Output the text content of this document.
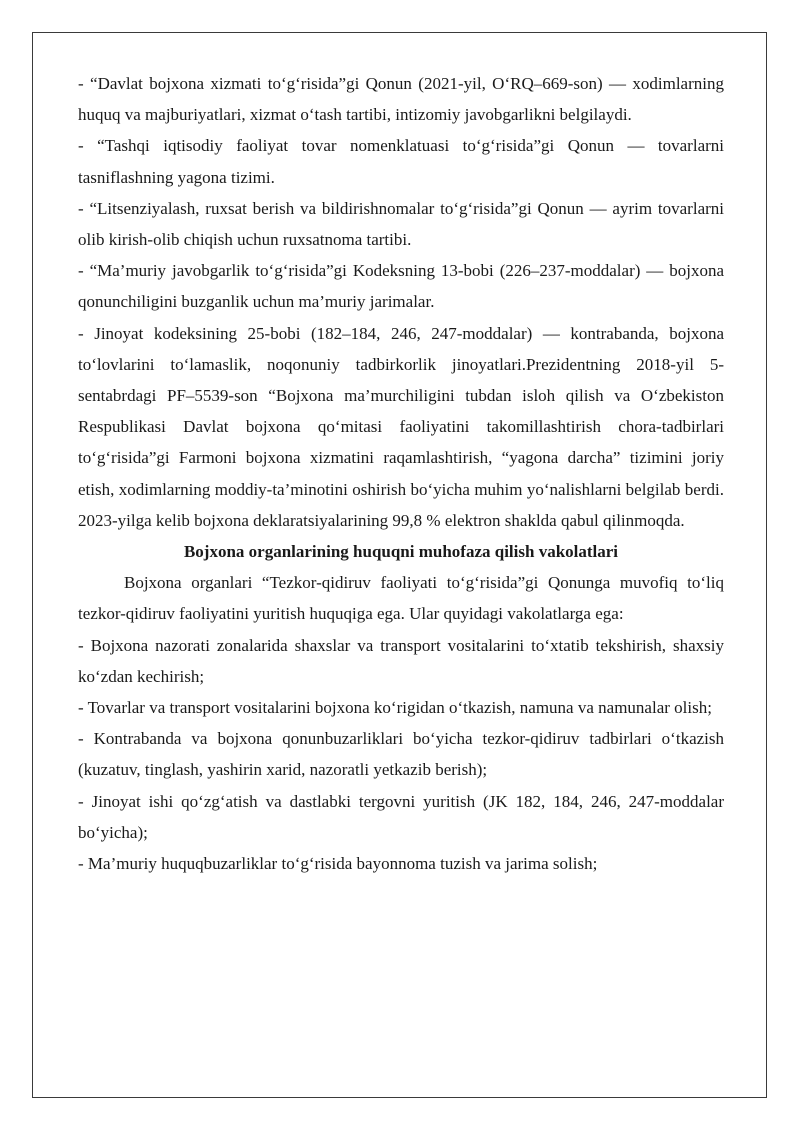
- “Davlat bojxona xizmati to‘g‘risida”gi Qonun (2021-yil, O‘RQ–669-son) — xodimlarning huquq va majburiyatlari, xizmat o‘tash tartibi, intizomiy javobgarlikni belgilaydi.

- “Tashqi iqtisodiy faoliyat tovar nomenklatuasi to‘g‘risida”gi Qonun — tovarlarni tasniflashning yagona tizimi.

- “Litsenziyalash, ruxsat berish va bildirishnomalar to‘g‘risida”gi Qonun — ayrim tovarlarni olib kirish-olib chiqish uchun ruxsatnoma tartibi.

- “Ma’muriy javobgarlik to‘g‘risida”gi Kodeksning 13-bobi (226–237-moddalar) — bojxona qonunchiligini buzganlik uchun ma’muriy jarimalar.

- Jinoyat kodeksining 25-bobi (182–184, 246, 247-moddalar) — kontrabanda, bojxona to‘lovlarini to‘lamaslik, noqonuniy tadbirkorlik jinoyatlari.Prezidentning 2018-yil 5-sentabrdagi PF–5539-son “Bojxona ma’murchiligini tubdan isloh qilish va O‘zbekiston Respublikasi Davlat bojxona qo‘mitasi faoliyatini takomillashtirish chora-tadbirlari to‘g‘risida”gi Farmoni bojxona xizmatini raqamlashtirish, “yagona darcha” tizimini joriy etish, xodimlarning moddiy-ta’minotini oshirish bo‘yicha muhim yo‘nalishlarni belgilab berdi. 2023-yilga kelib bojxona deklaratsiyalarining 99,8 % elektron shaklda qabul qilinmoqda.

Bojxona organlarining huquqni muhofaza qilish vakolatlari

Bojxona organlari “Tezkor-qidiruv faoliyati to‘g‘risida”gi Qonunga muvofiq to‘liq tezkor-qidiruv faoliyatini yuritish huquqiga ega. Ular quyidagi vakolatlarga ega:

- Bojxona nazorati zonalarida shaxslar va transport vositalarini to‘xtatib tekshirish, shaxsiy ko‘zdan kechirish;

- Tovarlar va transport vositalarini bojxona ko‘rigidan o‘tkazish, namuna va namunalar olish;

- Kontrabanda va bojxona qonunbuzarliklari bo‘yicha tezkor-qidiruv tadbirlari o‘tkazish (kuzatuv, tinglash, yashirin xarid, nazoratli yetkazib berish);

- Jinoyat ishi qo‘zg‘atish va dastlabki tergovni yuritish (JK 182, 184, 246, 247-moddalar bo‘yicha);

- Ma’muriy huquqbuzarliklar to‘g‘risida bayonnoma tuzish va jarima solish;
